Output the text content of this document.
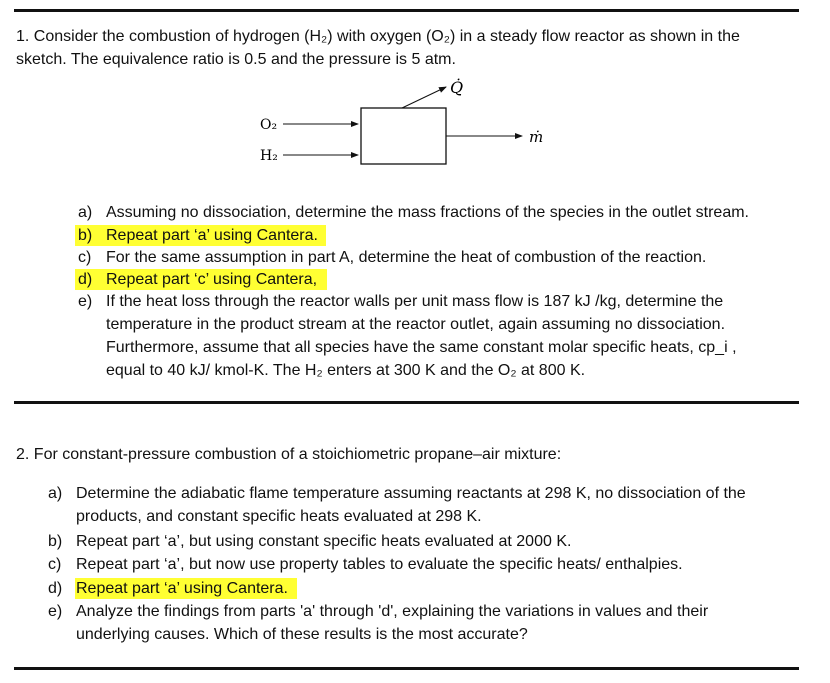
1. Consider the combustion of hydrogen (H₂) with oxygen (O₂) in a steady flow reactor as shown in the
sketch. The equivalence ratio is 0.5 and the pressure is 5 atm.
O₂
H₂
Q̇
ṁ
a) Assuming no dissociation, determine the mass fractions of the species in the outlet stream.
b) Repeat part ‘a’ using Cantera.
c) For the same assumption in part A, determine the heat of combustion of the reaction.
d) Repeat part ‘c’ using Cantera,
e) If the heat loss through the reactor walls per unit mass flow is 187 kJ /kg, determine the
temperature in the product stream at the reactor outlet, again assuming no dissociation.
Furthermore, assume that all species have the same constant molar specific heats, cp_i ,
equal to 40 kJ/ kmol-K. The H₂ enters at 300 K and the O₂ at 800 K.
2. For constant-pressure combustion of a stoichiometric propane–air mixture:
a) Determine the adiabatic flame temperature assuming reactants at 298 K, no dissociation of the
products, and constant specific heats evaluated at 298 K.
b) Repeat part ‘a’, but using constant specific heats evaluated at 2000 K.
c) Repeat part ‘a’, but now use property tables to evaluate the specific heats/ enthalpies.
d) Repeat part ‘a’ using Cantera.
e) Analyze the findings from parts 'a' through 'd', explaining the variations in values and their
underlying causes. Which of these results is the most accurate?
